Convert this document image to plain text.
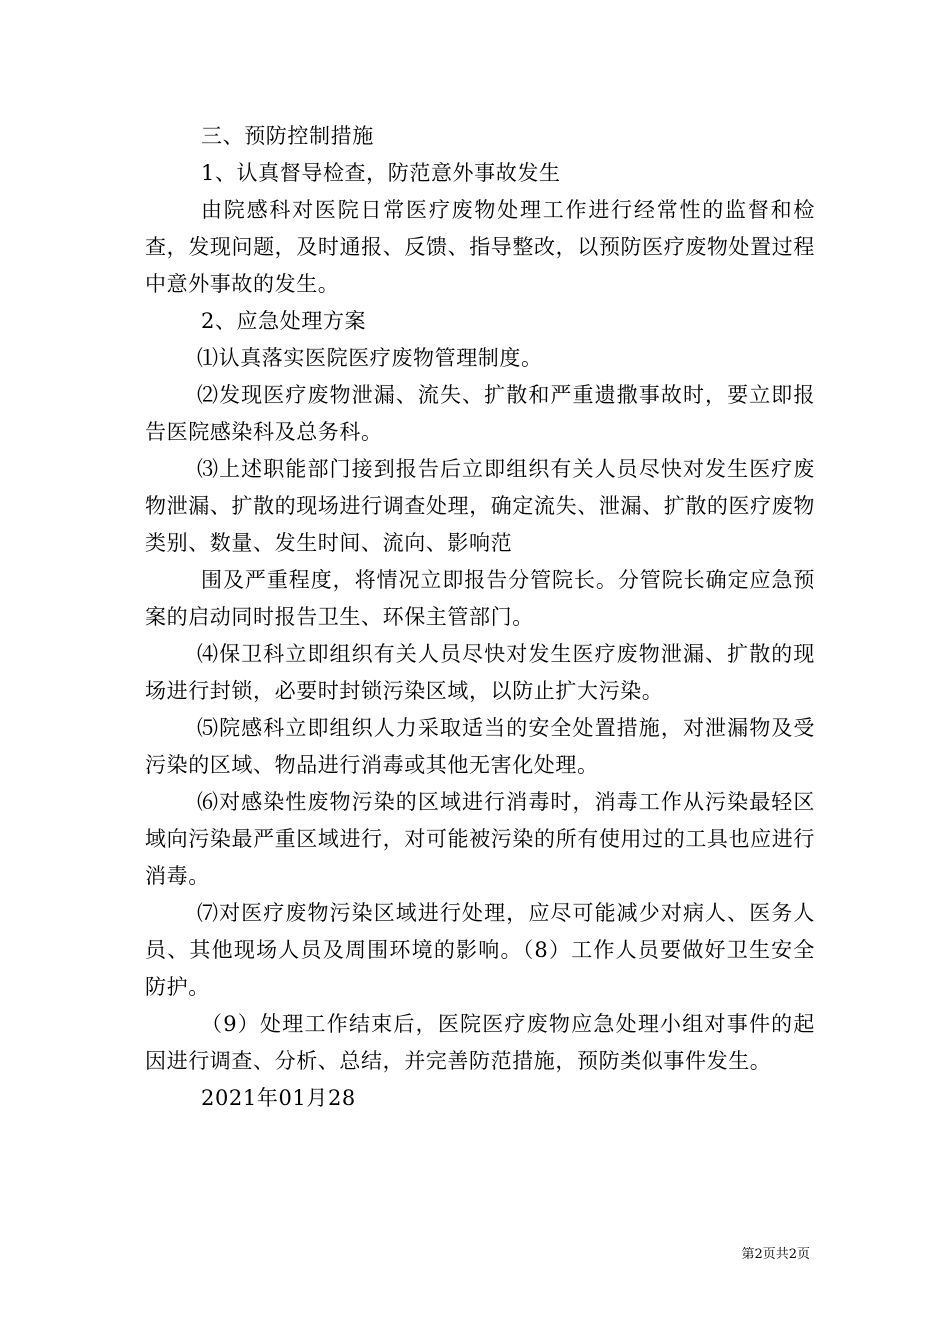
三、预防控制措施

1、认真督导检查，防范意外事故发生

由院感科对医院日常医疗废物处理工作进行经常性的监督和检查，发现问题，及时通报、反馈、指导整改，以预防医疗废物处置过程中意外事故的发生。

2、应急处理方案

⑴认真落实医院医疗废物管理制度。

⑵发现医疗废物泄漏、流失、扩散和严重遗撒事故时，要立即报告医院感染科及总务科。

⑶上述职能部门接到报告后立即组织有关人员尽快对发生医疗废物泄漏、扩散的现场进行调查处理，确定流失、泄漏、扩散的医疗废物类别、数量、发生时间、流向、影响范

围及严重程度，将情况立即报告分管院长。分管院长确定应急预案的启动同时报告卫生、环保主管部门。

⑷保卫科立即组织有关人员尽快对发生医疗废物泄漏、扩散的现场进行封锁，必要时封锁污染区域，以防止扩大污染。

⑸院感科立即组织人力采取适当的安全处置措施，对泄漏物及受污染的区域、物品进行消毒或其他无害化处理。

⑹对感染性废物污染的区域进行消毒时，消毒工作从污染最轻区域向污染最严重区域进行，对可能被污染的所有使用过的工具也应进行消毒。

⑺对医疗废物污染区域进行处理，应尽可能减少对病人、医务人员、其他现场人员及周围环境的影响。（8）工作人员要做好卫生安全防护。

（9）处理工作结束后，医院医疗废物应急处理小组对事件的起因进行调查、分析、总结，并完善防范措施，预防类似事件发生。

2021年01月28

第2页共2页
